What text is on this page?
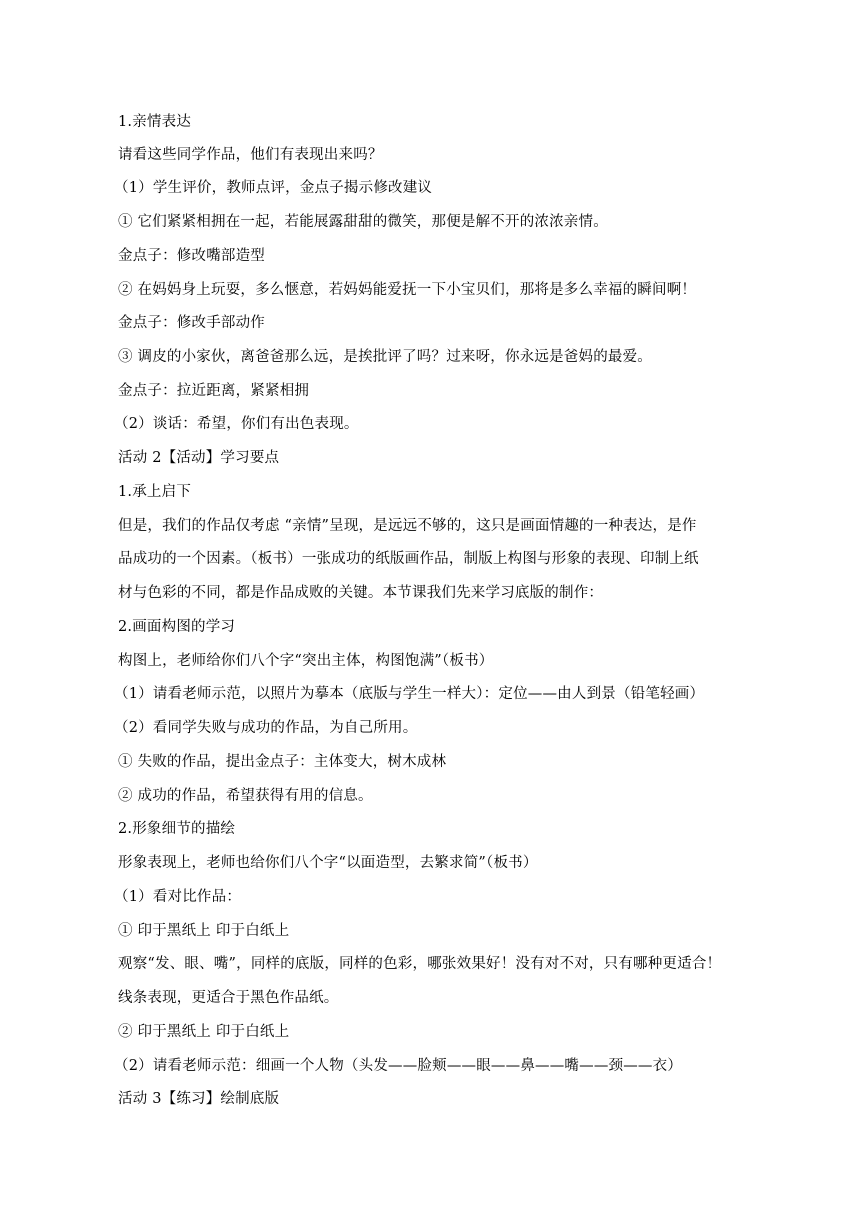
1.亲情表达
请看这些同学作品，他们有表现出来吗？
（1）学生评价，教师点评，金点子揭示修改建议
① 它们紧紧相拥在一起，若能展露甜甜的微笑，那便是解不开的浓浓亲情。
金点子：修改嘴部造型
② 在妈妈身上玩耍，多么惬意，若妈妈能爱抚一下小宝贝们，那将是多么幸福的瞬间啊！
金点子：修改手部动作
③ 调皮的小家伙，离爸爸那么远，是挨批评了吗？过来呀，你永远是爸妈的最爱。
金点子：拉近距离，紧紧相拥
（2）谈话：希望，你们有出色表现。
活动 2【活动】学习要点
1.承上启下
但是，我们的作品仅考虑 “亲情”呈现，是远远不够的，这只是画面情趣的一种表达，是作
品成功的一个因素。（板书）一张成功的纸版画作品，制版上构图与形象的表现、印制上纸
材与色彩的不同，都是作品成败的关键。本节课我们先来学习底版的制作：
2.画面构图的学习
构图上，老师给你们八个字“突出主体，构图饱满”（板书）
（1）请看老师示范，以照片为摹本（底版与学生一样大）：定位——由人到景（铅笔轻画）
（2）看同学失败与成功的作品，为自己所用。
① 失败的作品，提出金点子：主体变大，树木成林
② 成功的作品，希望获得有用的信息。
2.形象细节的描绘
形象表现上，老师也给你们八个字“以面造型，去繁求简”（板书）
（1）看对比作品：
① 印于黑纸上 印于白纸上
观察“发、眼、嘴”，同样的底版，同样的色彩，哪张效果好！没有对不对，只有哪种更适合！
线条表现，更适合于黑色作品纸。
② 印于黑纸上 印于白纸上
（2）请看老师示范：细画一个人物（头发——脸颊——眼——鼻——嘴——颈——衣）
活动 3【练习】绘制底版
